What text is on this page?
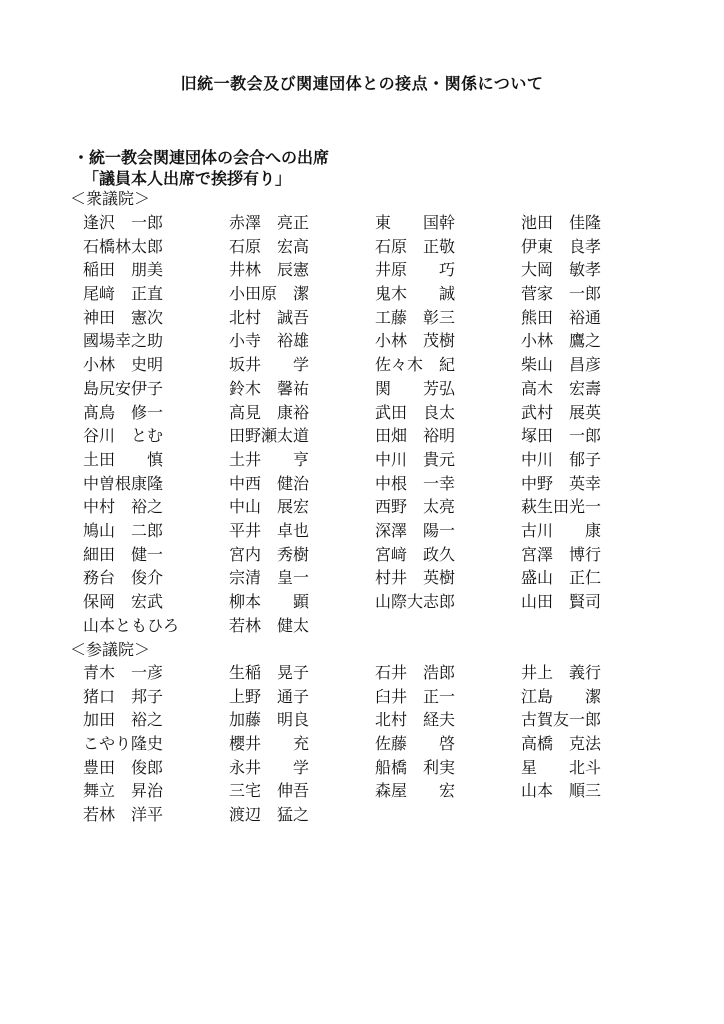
旧統一教会及び関連団体との接点・関係について
・統一教会関連団体の会合への出席
「議員本人出席で挨拶有り」
＜衆議院＞
逢沢　一郎	赤澤　亮正	東　　国幹	池田　佳隆
石橋林太郎	石原　宏高	石原　正敬	伊東　良孝
稲田　朋美	井林　辰憲	井原　　巧	大岡　敏孝
尾﨑　正直	小田原　潔	鬼木　　誠	菅家　一郎
神田　憲次	北村　誠吾	工藤　彰三	熊田　裕通
國場幸之助	小寺　裕雄	小林　茂樹	小林　鷹之
小林　史明	坂井　　学	佐々木　紀	柴山　昌彦
島尻安伊子	鈴木　馨祐	関　　芳弘	高木　宏壽
髙鳥　修一	高見　康裕	武田　良太	武村　展英
谷川　とむ	田野瀬太道	田畑　裕明	塚田　一郎
土田　　慎	土井　　亨	中川　貴元	中川　郁子
中曽根康隆	中西　健治	中根　一幸	中野　英幸
中村　裕之	中山　展宏	西野　太亮	萩生田光一
鳩山　二郎	平井　卓也	深澤　陽一	古川　　康
細田　健一	宮内　秀樹	宮﨑　政久	宮澤　博行
務台　俊介	宗清　皇一	村井　英樹	盛山　正仁
保岡　宏武	柳本　　顕	山際大志郎	山田　賢司
山本ともひろ	若林　健太
＜参議院＞
青木　一彦	生稲　晃子	石井　浩郎	井上　義行
猪口　邦子	上野　通子	臼井　正一	江島　　潔
加田　裕之	加藤　明良	北村　経夫	古賀友一郎
こやり隆史	櫻井　　充	佐藤　　啓	高橋　克法
豊田　俊郎	永井　　学	船橋　利実	星　　北斗
舞立　昇治	三宅　伸吾	森屋　　宏	山本　順三
若林　洋平	渡辺　猛之
